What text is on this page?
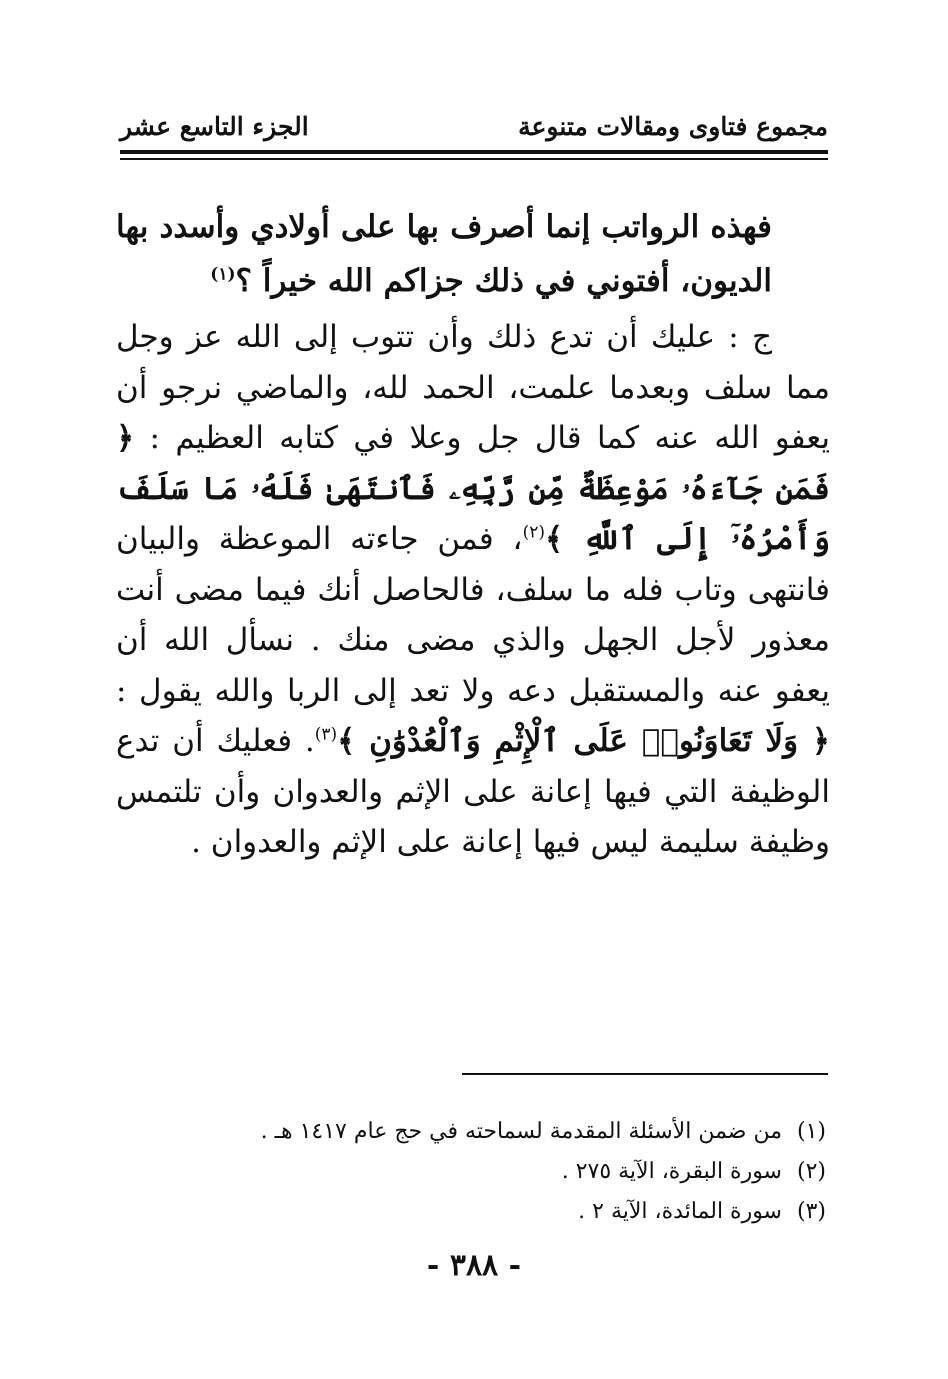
مجموع فتاوى ومقالات متنوعة
الجزء التاسع عشر

فهذه الرواتب إنما أصرف بها على أولادي وأسدد بها الديون، أفتوني في ذلك جزاكم الله خيراً ؟$^{(١)}$

ج : عليك أن تدع ذلك وأن تتوب إلى الله عز وجل مما سلف وبعدما علمت، الحمد لله، والماضي نرجو أن يعفو الله عنه كما قال جل وعلا في كتابه العظيم : ﴿ فَمَن جَآءَهُۥ مَوْعِظَةٌ مِّن رَّبِّهِۦ فَٱنتَهَىٰ فَلَهُۥ مَا سَلَفَ وَأَمْرُهُۥٓ إِلَى ٱللَّهِ ﴾$^{(٢)}$، فمن جاءته الموعظة والبيان فانتهى وتاب فله ما سلف، فالحاصل أنك فيما مضى أنت معذور لأجل الجهل والذي مضى منك . نسأل الله أن يعفو عنه والمستقبل دعه ولا تعد إلى الربا والله يقول : ﴿ وَلَا تَعَاوَنُوا۟ عَلَى ٱلْإِثْمِ وَٱلْعُدْوَٰنِ ﴾$^{(٣)}$. فعليك أن تدع الوظيفة التي فيها إعانة على الإثم والعدوان وأن تلتمس وظيفة سليمة ليس فيها إعانة على الإثم والعدوان .

(١)من ضمن الأسئلة المقدمة لسماحته في حج عام ١٤١٧ هـ .
(٢)سورة البقرة، الآية ٢٧٥ .
(٣)سورة المائدة، الآية ٢ .
- ٣٨٨ -
